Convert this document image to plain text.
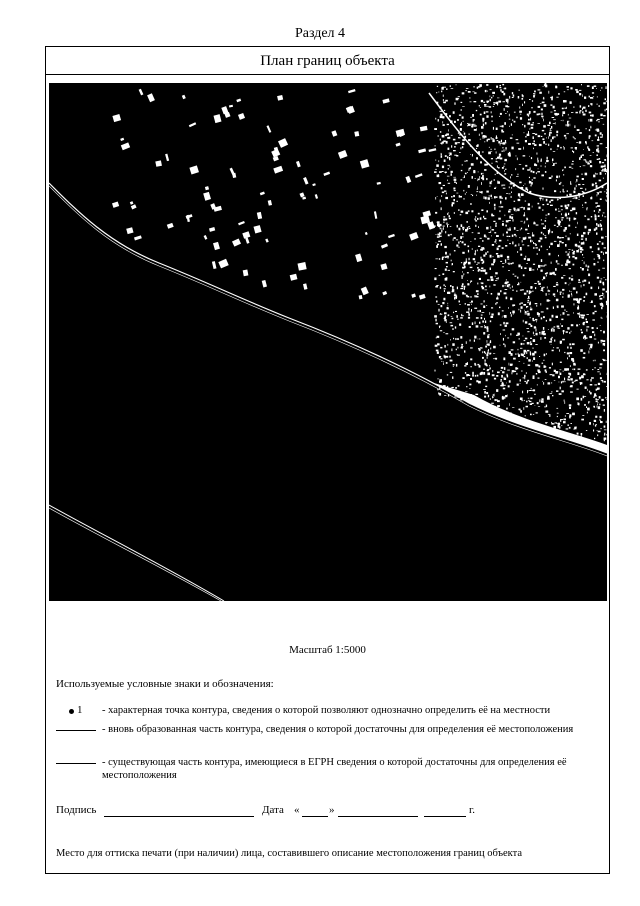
Раздел 4
План границ объекта
Масштаб 1:5000
Используемые условные знаки и обозначения:
1 - характерная точка контура, сведения о которой позволяют однозначно определить её на местности
- вновь образованная часть контура, сведения о которой достаточны для определения её местоположения
- существующая часть контура, имеющиеся в ЕГРН сведения о которой достаточны для определения её местоположения
Подпись	Дата «	»	г.
Место для оттиска печати (при наличии) лица, составившего описание местоположения границ объекта
